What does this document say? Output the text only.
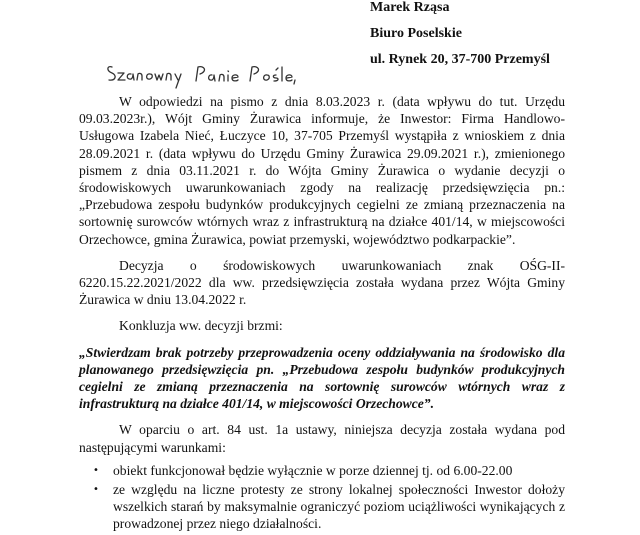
Marek Rząsa
Biuro Poselskie
ul. Rynek 20, 37-700 Przemyśl

W odpowiedzi na pismo z dnia 8.03.2023 r. (data wpływu do tut. Urzędu 09.03.2023r.), Wójt Gminy Żurawica informuje, że Inwestor: Firma Handlowo-Usługowa Izabela Nieć, Łuczyce 10, 37-705 Przemyśl wystąpiła z wnioskiem z dnia 28.09.2021 r. (data wpływu do Urzędu Gminy Żurawica 29.09.2021 r.), zmienionego pismem z dnia 03.11.2021 r. do Wójta Gminy Żurawica o wydanie decyzji o środowiskowych uwarunkowaniach zgody na realizację przedsięwzięcia pn.: „Przebudowa zespołu budynków produkcyjnych cegielni ze zmianą przeznaczenia na sortownię surowców wtórnych wraz z infrastrukturą na działce 401/14, w miejscowości Orzechowce, gmina Żurawica, powiat przemyski, województwo podkarpackie”.

Decyzja o środowiskowych uwarunkowaniach znak OŚG-II-6220.15.22.2021/2022 dla ww. przedsięwzięcia została wydana przez Wójta Gminy Żurawica w dniu 13.04.2022 r.

Konkluzja ww. decyzji brzmi:

„Stwierdzam brak potrzeby przeprowadzenia oceny oddziaływania na środowisko dla planowanego przedsięwzięcia pn. „Przebudowa zespołu budynków produkcyjnych cegielni ze zmianą przeznaczenia na sortownię surowców wtórnych wraz z infrastrukturą na działce 401/14, w miejscowości Orzechowce”.

W oparciu o art. 84 ust. 1a ustawy, niniejsza decyzja została wydana pod następującymi warunkami:

• obiekt funkcjonował będzie wyłącznie w porze dziennej tj. od 6.00-22.00
• ze względu na liczne protesty ze strony lokalnej społeczności Inwestor dołoży wszelkich starań by maksymalnie ograniczyć poziom uciążliwości wynikających z prowadzonej przez niego działalności.
